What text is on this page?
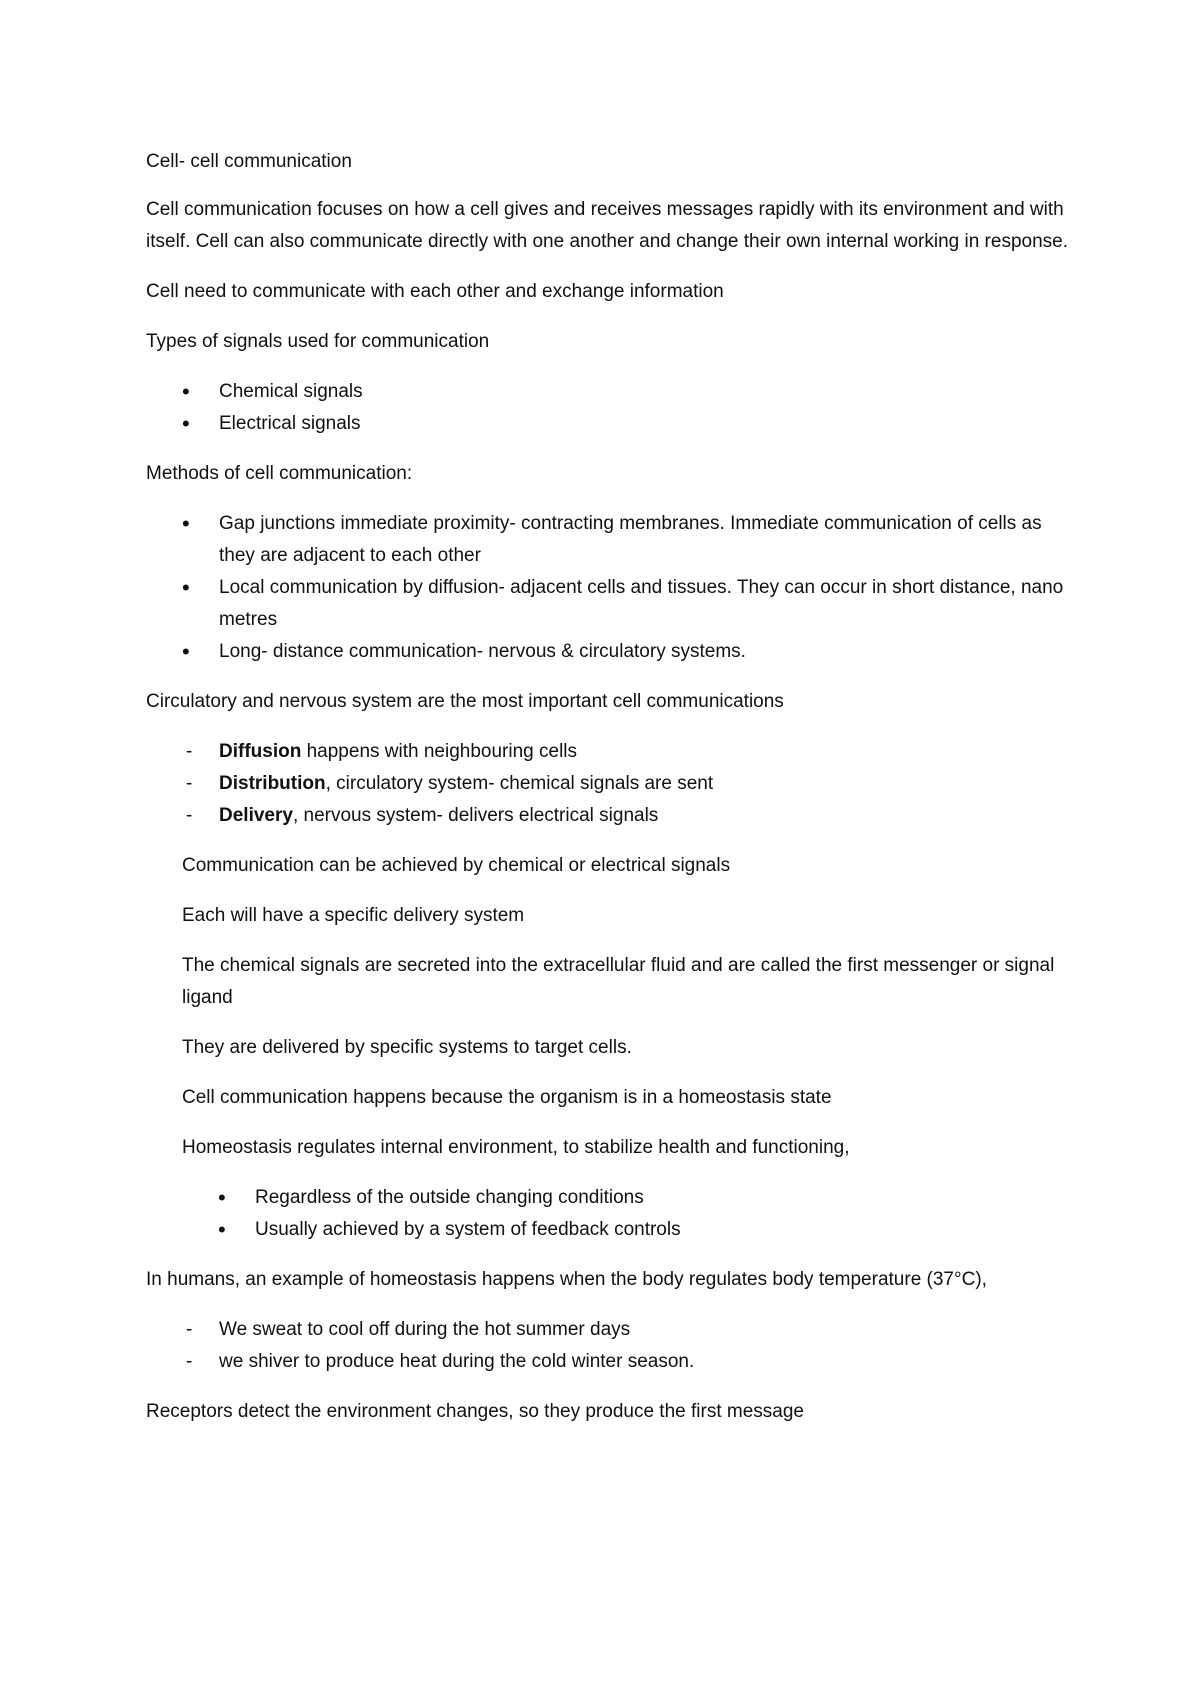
Cell- cell communication

Cell communication focuses on how a cell gives and receives messages rapidly with its environment and with itself. Cell can also communicate directly with one another and change their own internal working in response.

Cell need to communicate with each other and exchange information

Types of signals used for communication

•
Chemical signals
•
Electrical signals

Methods of cell communication:

•
Gap junctions immediate proximity- contracting membranes. Immediate communication of cells as they are adjacent to each other
•
Local communication by diffusion- adjacent cells and tissues. They can occur in short distance, nano metres
•
Long- distance communication- nervous & circulatory systems.

Circulatory and nervous system are the most important cell communications

-
Diffusion happens with neighbouring cells
-
Distribution, circulatory system- chemical signals are sent
-
Delivery, nervous system- delivers electrical signals

Communication can be achieved by chemical or electrical signals

Each will have a specific delivery system

The chemical signals are secreted into the extracellular fluid and are called the first messenger or signal ligand

They are delivered by specific systems to target cells.

Cell communication happens because the organism is in a homeostasis state

Homeostasis regulates internal environment, to stabilize health and functioning,

•
Regardless of the outside changing conditions
•
Usually achieved by a system of feedback controls

In humans, an example of homeostasis happens when the body regulates body temperature (37°C),

-
We sweat to cool off during the hot summer days
-
we shiver to produce heat during the cold winter season.

Receptors detect the environment changes, so they produce the first message
